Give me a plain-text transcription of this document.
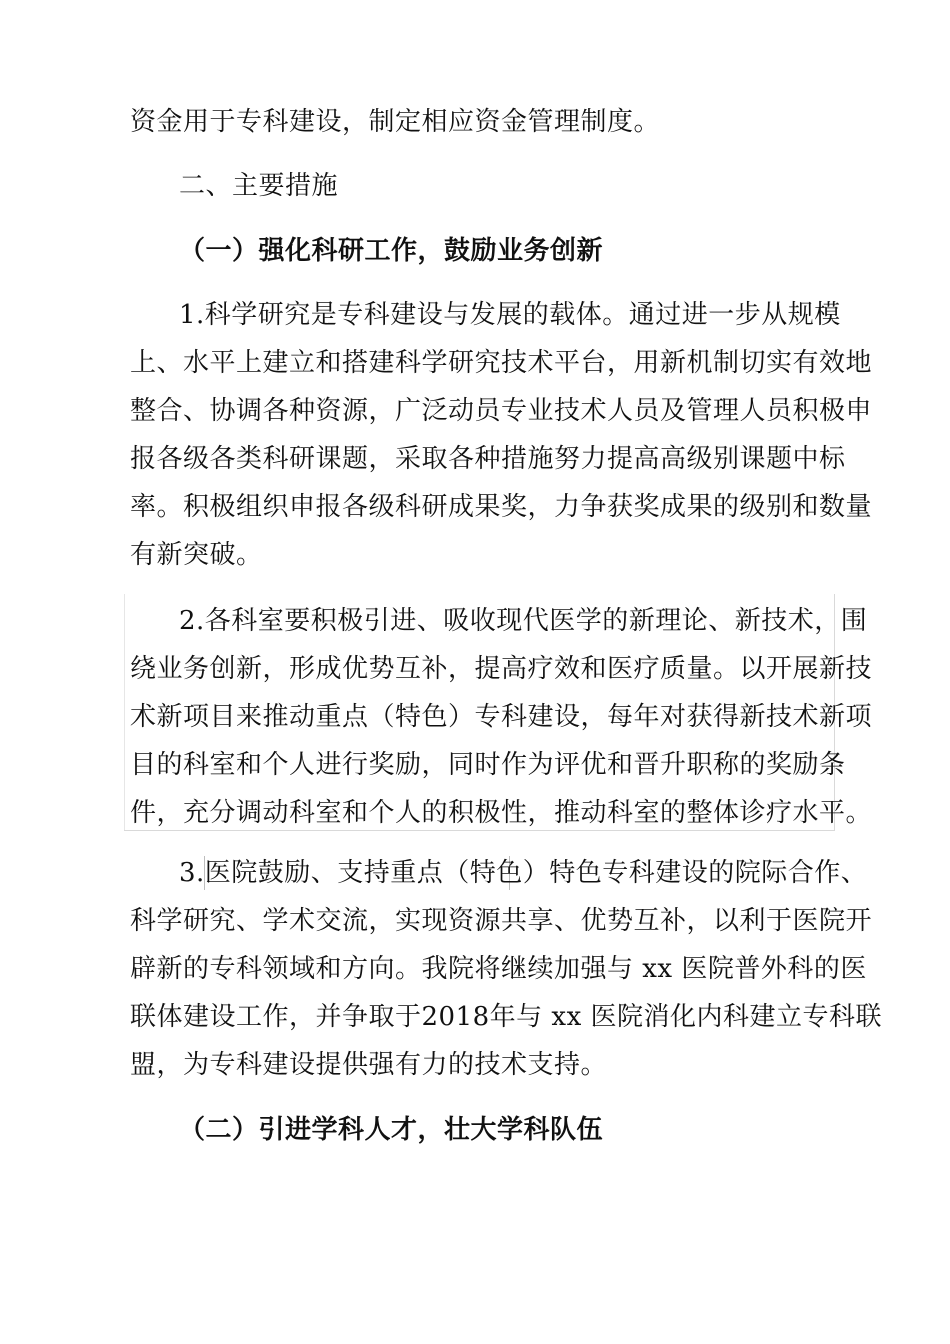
资金用于专科建设，制定相应资金管理制度。
二、主要措施
（一）强化科研工作，鼓励业务创新
1.科学研究是专科建设与发展的载体。通过进一步从规模
上、水平上建立和搭建科学研究技术平台，用新机制切实有效地
整合、协调各种资源，广泛动员专业技术人员及管理人员积极申
报各级各类科研课题，采取各种措施努力提高高级别课题中标
率。积极组织申报各级科研成果奖，力争获奖成果的级别和数量
有新突破。
2.各科室要积极引进、吸收现代医学的新理论、新技术，围
绕业务创新，形成优势互补，提高疗效和医疗质量。以开展新技
术新项目来推动重点（特色）专科建设，每年对获得新技术新项
目的科室和个人进行奖励，同时作为评优和晋升职称的奖励条
件，充分调动科室和个人的积极性，推动科室的整体诊疗水平。
3.医院鼓励、支持重点（特色）特色专科建设的院际合作、
科学研究、学术交流，实现资源共享、优势互补，以利于医院开
辟新的专科领域和方向。我院将继续加强与 xx 医院普外科的医
联体建设工作，并争取于2018年与 xx 医院消化内科建立专科联
盟，为专科建设提供强有力的技术支持。
（二）引进学科人才，壮大学科队伍
